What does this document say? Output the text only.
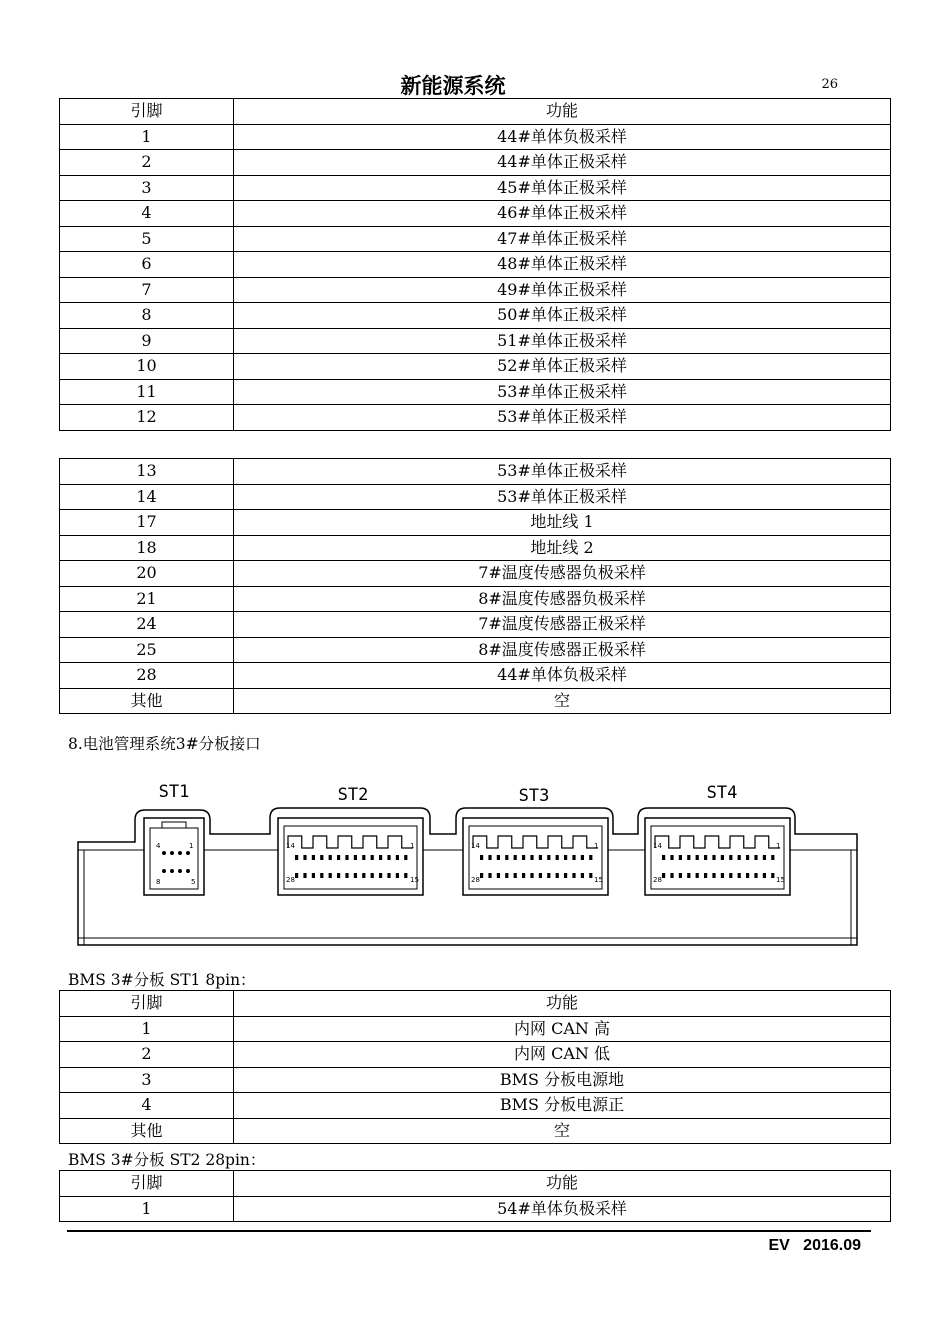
新能源系统	26
引脚	功能
1	44#单体负极采样
2	44#单体正极采样
3	45#单体正极采样
4	46#单体正极采样
5	47#单体正极采样
6	48#单体正极采样
7	49#单体正极采样
8	50#单体正极采样
9	51#单体正极采样
10	52#单体正极采样
11	53#单体正极采样
12	53#单体正极采样
13	53#单体正极采样
14	53#单体正极采样
17	地址线 1
18	地址线 2
20	7#温度传感器负极采样
21	8#温度传感器负极采样
24	7#温度传感器正极采样
25	8#温度传感器正极采样
28	44#单体负极采样
其他	空
8.电池管理系统3#分板接口
ST1	ST2	ST3	ST4
4	1
8	5
14	1
28	15
14	1
28	15
14	1
28	15
BMS 3#分板 ST1 8pin：
引脚	功能
1	内网 CAN 高
2	内网 CAN 低
3	BMS 分板电源地
4	BMS 分板电源正
其他	空
BMS 3#分板 ST2 28pin：
引脚	功能
1	54#单体负极采样
EV   2016.09
